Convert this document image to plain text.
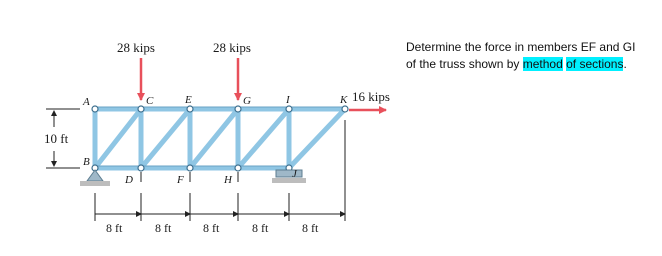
28 kips	28 kips
16 kips
A
B
C
D
E
F
G
H
I
J
K
10 ft
8 ft	8 ft	8 ft	8 ft	8 ft
Determine the force in members EF and GI of the truss shown by method of sections.
